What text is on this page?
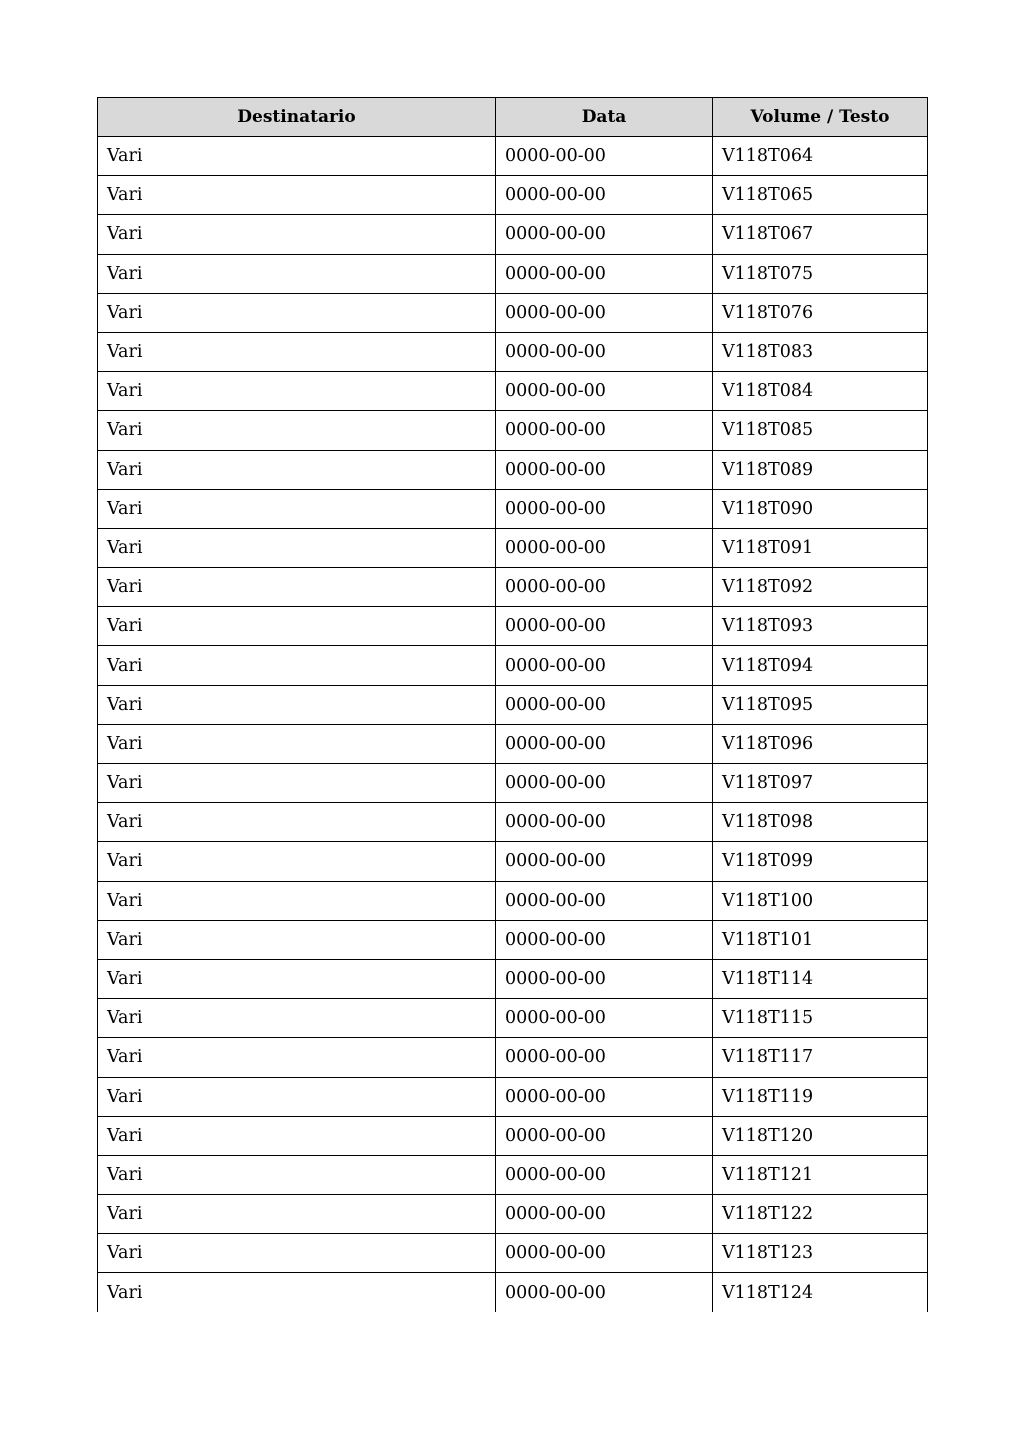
Destinatario	Data	Volume / Testo
Vari	0000-00-00	V118T064
Vari	0000-00-00	V118T065
Vari	0000-00-00	V118T067
Vari	0000-00-00	V118T075
Vari	0000-00-00	V118T076
Vari	0000-00-00	V118T083
Vari	0000-00-00	V118T084
Vari	0000-00-00	V118T085
Vari	0000-00-00	V118T089
Vari	0000-00-00	V118T090
Vari	0000-00-00	V118T091
Vari	0000-00-00	V118T092
Vari	0000-00-00	V118T093
Vari	0000-00-00	V118T094
Vari	0000-00-00	V118T095
Vari	0000-00-00	V118T096
Vari	0000-00-00	V118T097
Vari	0000-00-00	V118T098
Vari	0000-00-00	V118T099
Vari	0000-00-00	V118T100
Vari	0000-00-00	V118T101
Vari	0000-00-00	V118T114
Vari	0000-00-00	V118T115
Vari	0000-00-00	V118T117
Vari	0000-00-00	V118T119
Vari	0000-00-00	V118T120
Vari	0000-00-00	V118T121
Vari	0000-00-00	V118T122
Vari	0000-00-00	V118T123
Vari	0000-00-00	V118T124
